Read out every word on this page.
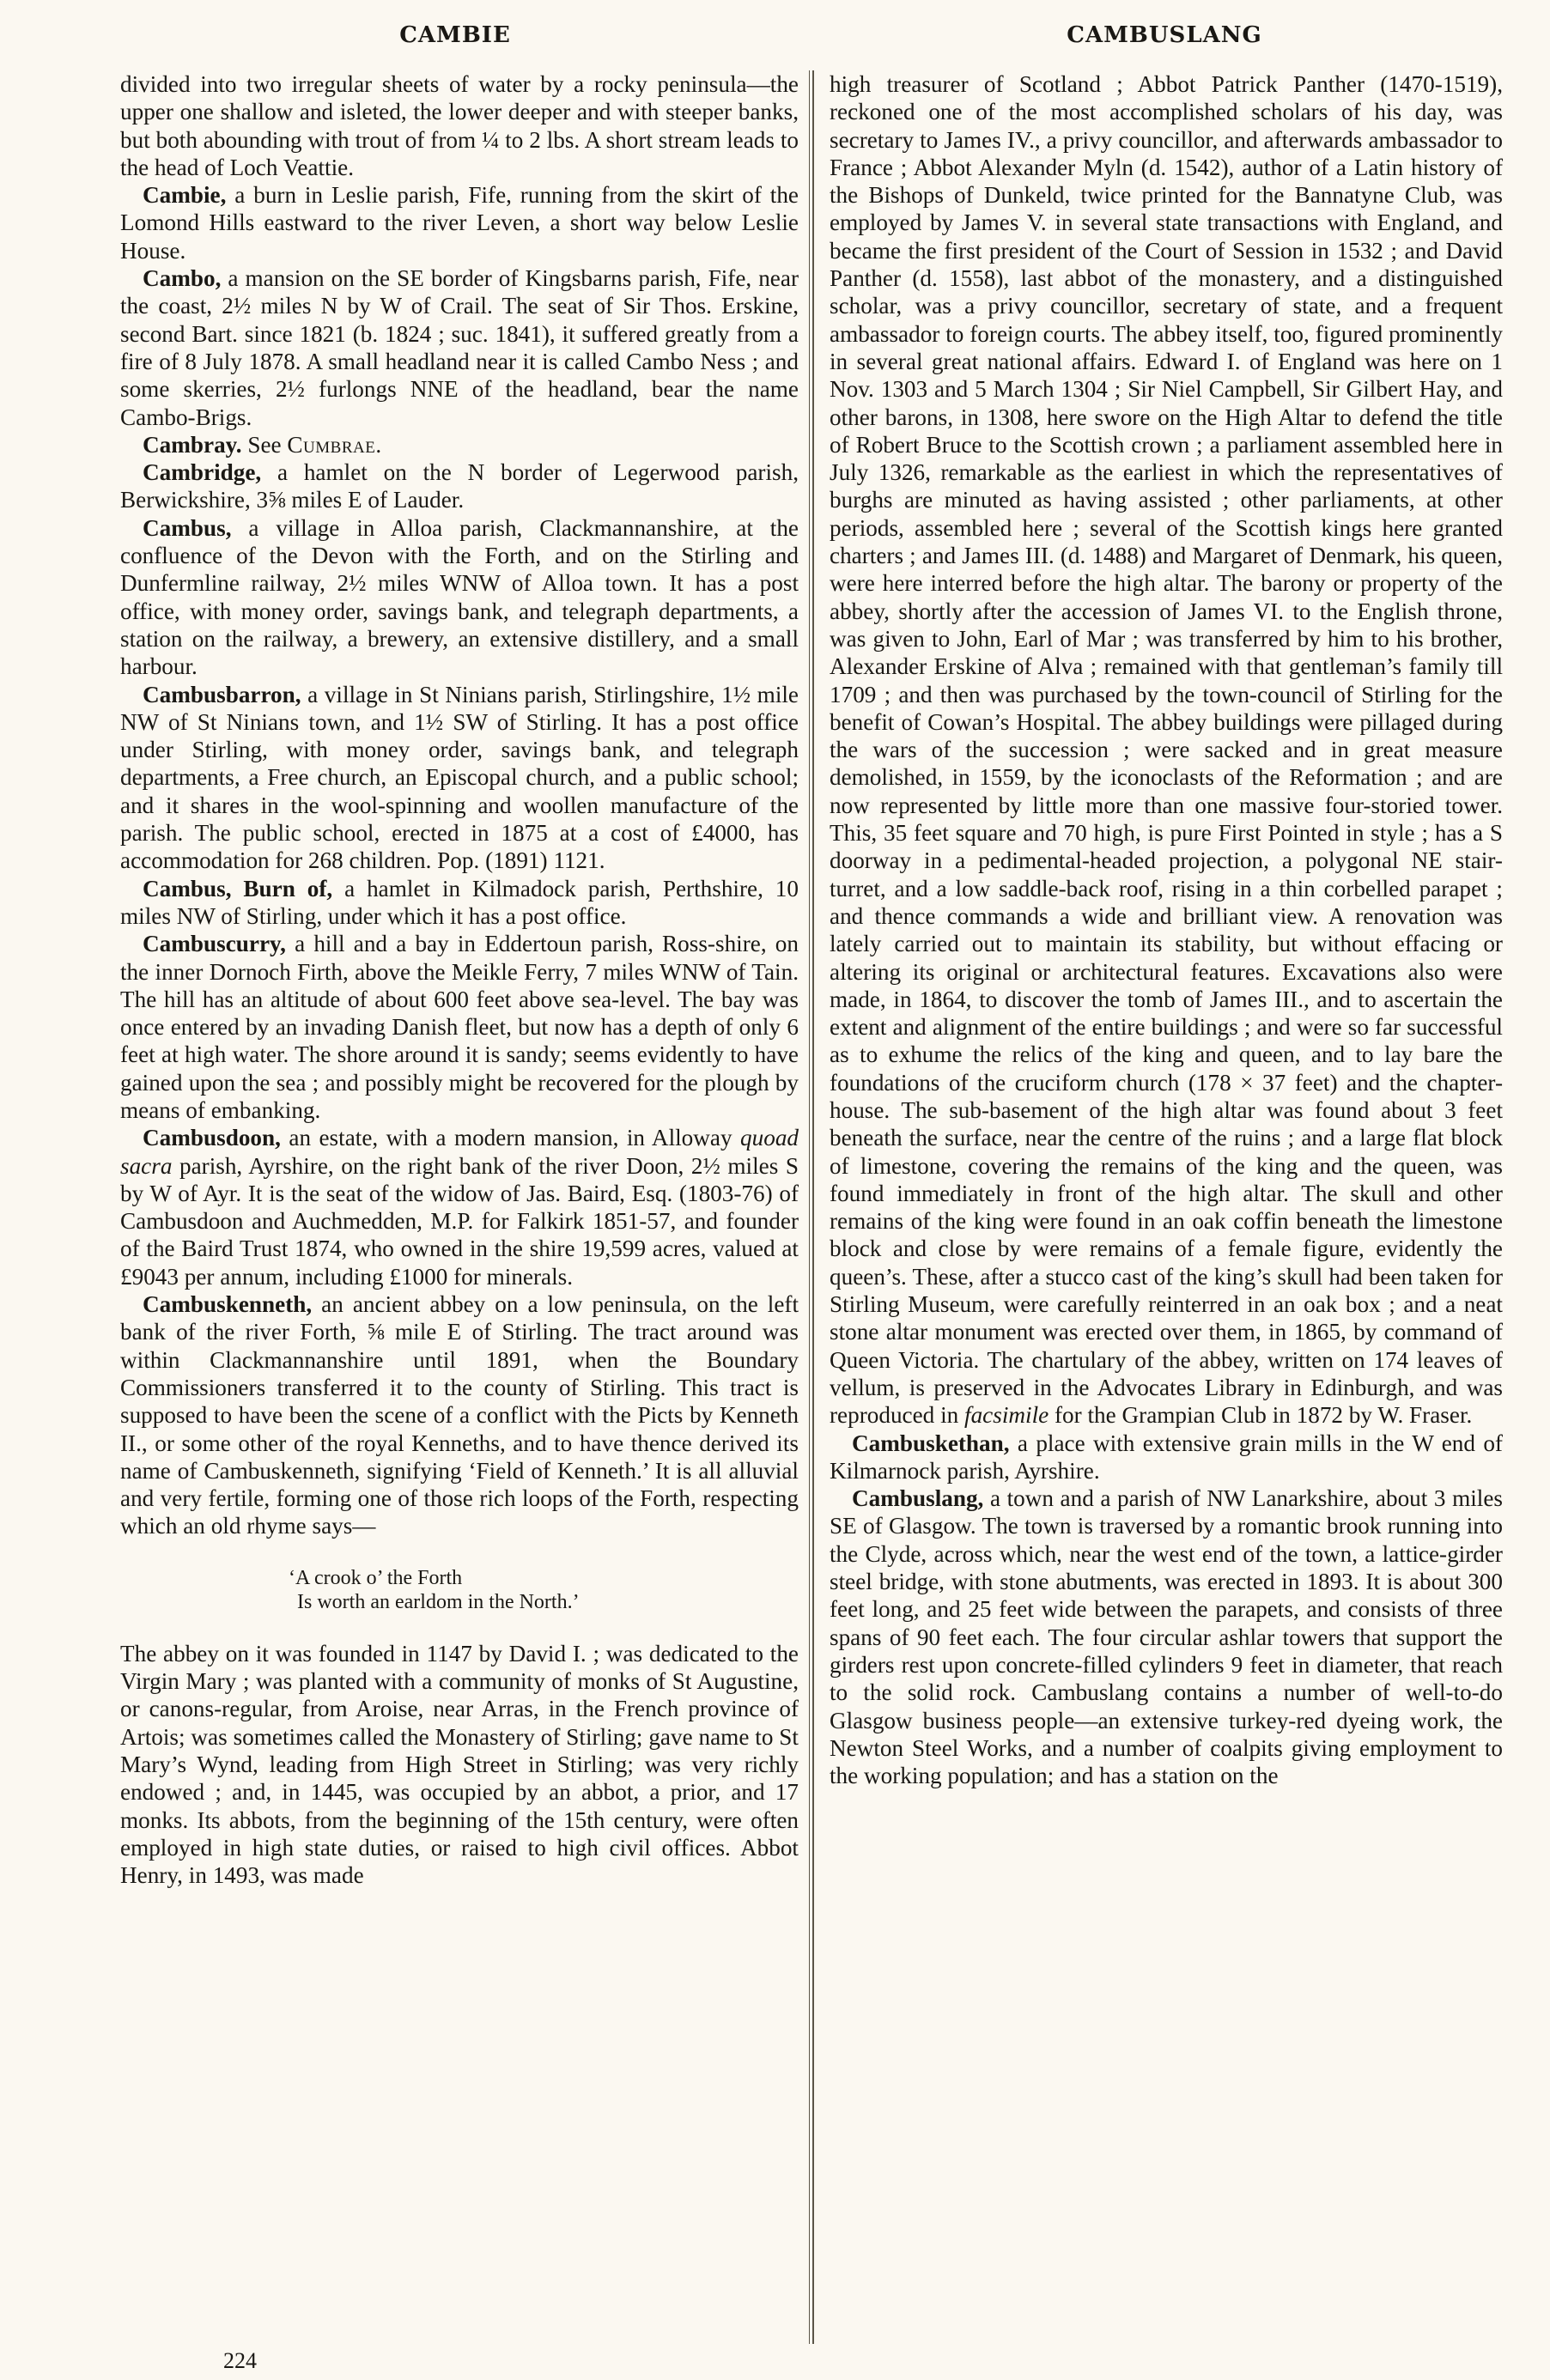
CAMBIE	CAMBUSLANG

divided into two irregular sheets of water by a rocky peninsula—the upper one shallow and isleted, the lower deeper and with steeper banks, but both abounding with trout of from ¼ to 2 lbs. A short stream leads to the head of Loch Veattie.

Cambie, a burn in Leslie parish, Fife, running from the skirt of the Lomond Hills eastward to the river Leven, a short way below Leslie House.

Cambo, a mansion on the SE border of Kingsbarns parish, Fife, near the coast, 2½ miles N by W of Crail. The seat of Sir Thos. Erskine, second Bart. since 1821 (b. 1824 ; suc. 1841), it suffered greatly from a fire of 8 July 1878. A small headland near it is called Cambo Ness ; and some skerries, 2½ furlongs NNE of the headland, bear the name Cambo-Brigs.

Cambray. See Cumbrae.

Cambridge, a hamlet on the N border of Legerwood parish, Berwickshire, 3⅝ miles E of Lauder.

Cambus, a village in Alloa parish, Clackmannanshire, at the confluence of the Devon with the Forth, and on the Stirling and Dunfermline railway, 2½ miles WNW of Alloa town. It has a post office, with money order, savings bank, and telegraph departments, a station on the railway, a brewery, an extensive distillery, and a small harbour.

Cambusbarron, a village in St Ninians parish, Stirlingshire, 1½ mile NW of St Ninians town, and 1½ SW of Stirling. It has a post office under Stirling, with money order, savings bank, and telegraph departments, a Free church, an Episcopal church, and a public school; and it shares in the wool-spinning and woollen manufacture of the parish. The public school, erected in 1875 at a cost of £4000, has accommodation for 268 children. Pop. (1891) 1121.

Cambus, Burn of, a hamlet in Kilmadock parish, Perthshire, 10 miles NW of Stirling, under which it has a post office.

Cambuscurry, a hill and a bay in Eddertoun parish, Ross-shire, on the inner Dornoch Firth, above the Meikle Ferry, 7 miles WNW of Tain. The hill has an altitude of about 600 feet above sea-level. The bay was once entered by an invading Danish fleet, but now has a depth of only 6 feet at high water. The shore around it is sandy; seems evidently to have gained upon the sea ; and possibly might be recovered for the plough by means of embanking.

Cambusdoon, an estate, with a modern mansion, in Alloway quoad sacra parish, Ayrshire, on the right bank of the river Doon, 2½ miles S by W of Ayr. It is the seat of the widow of Jas. Baird, Esq. (1803-76) of Cambusdoon and Auchmedden, M.P. for Falkirk 1851-57, and founder of the Baird Trust 1874, who owned in the shire 19,599 acres, valued at £9043 per annum, including £1000 for minerals.

Cambuskenneth, an ancient abbey on a low peninsula, on the left bank of the river Forth, ⅝ mile E of Stirling. The tract around was within Clackmannanshire until 1891, when the Boundary Commissioners transferred it to the county of Stirling. This tract is supposed to have been the scene of a conflict with the Picts by Kenneth II., or some other of the royal Kenneths, and to have thence derived its name of Cambuskenneth, signifying ‘Field of Kenneth.’ It is all alluvial and very fertile, forming one of those rich loops of the Forth, respecting which an old rhyme says—

‘A crook o’ the Forth
Is worth an earldom in the North.’

The abbey on it was founded in 1147 by David I. ; was dedicated to the Virgin Mary ; was planted with a community of monks of St Augustine, or canons-regular, from Aroise, near Arras, in the French province of Artois; was sometimes called the Monastery of Stirling; gave name to St Mary’s Wynd, leading from High Street in Stirling; was very richly endowed ; and, in 1445, was occupied by an abbot, a prior, and 17 monks. Its abbots, from the beginning of the 15th century, were often employed in high state duties, or raised to high civil offices. Abbot Henry, in 1493, was made

high treasurer of Scotland ; Abbot Patrick Panther (1470-1519), reckoned one of the most accomplished scholars of his day, was secretary to James IV., a privy councillor, and afterwards ambassador to France ; Abbot Alexander Myln (d. 1542), author of a Latin history of the Bishops of Dunkeld, twice printed for the Bannatyne Club, was employed by James V. in several state transactions with England, and became the first president of the Court of Session in 1532 ; and David Panther (d. 1558), last abbot of the monastery, and a distinguished scholar, was a privy councillor, secretary of state, and a frequent ambassador to foreign courts. The abbey itself, too, figured prominently in several great national affairs. Edward I. of England was here on 1 Nov. 1303 and 5 March 1304 ; Sir Niel Campbell, Sir Gilbert Hay, and other barons, in 1308, here swore on the High Altar to defend the title of Robert Bruce to the Scottish crown ; a parliament assembled here in July 1326, remarkable as the earliest in which the representatives of burghs are minuted as having assisted ; other parliaments, at other periods, assembled here ; several of the Scottish kings here granted charters ; and James III. (d. 1488) and Margaret of Denmark, his queen, were here interred before the high altar. The barony or property of the abbey, shortly after the accession of James VI. to the English throne, was given to John, Earl of Mar ; was transferred by him to his brother, Alexander Erskine of Alva ; remained with that gentleman’s family till 1709 ; and then was purchased by the town-council of Stirling for the benefit of Cowan’s Hospital. The abbey buildings were pillaged during the wars of the succession ; were sacked and in great measure demolished, in 1559, by the iconoclasts of the Reformation ; and are now represented by little more than one massive four-storied tower. This, 35 feet square and 70 high, is pure First Pointed in style ; has a S doorway in a pedimental-headed projection, a polygonal NE stair-turret, and a low saddle-back roof, rising in a thin corbelled parapet ; and thence commands a wide and brilliant view. A renovation was lately carried out to maintain its stability, but without effacing or altering its original or architectural features. Excavations also were made, in 1864, to discover the tomb of James III., and to ascertain the extent and alignment of the entire buildings ; and were so far successful as to exhume the relics of the king and queen, and to lay bare the foundations of the cruciform church (178 × 37 feet) and the chapter-house. The sub-basement of the high altar was found about 3 feet beneath the surface, near the centre of the ruins ; and a large flat block of limestone, covering the remains of the king and the queen, was found immediately in front of the high altar. The skull and other remains of the king were found in an oak coffin beneath the limestone block and close by were remains of a female figure, evidently the queen’s. These, after a stucco cast of the king’s skull had been taken for Stirling Museum, were carefully reinterred in an oak box ; and a neat stone altar monument was erected over them, in 1865, by command of Queen Victoria. The chartulary of the abbey, written on 174 leaves of vellum, is preserved in the Advocates Library in Edinburgh, and was reproduced in facsimile for the Grampian Club in 1872 by W. Fraser.

Cambuskethan, a place with extensive grain mills in the W end of Kilmarnock parish, Ayrshire.

Cambuslang, a town and a parish of NW Lanarkshire, about 3 miles SE of Glasgow. The town is traversed by a romantic brook running into the Clyde, across which, near the west end of the town, a lattice-girder steel bridge, with stone abutments, was erected in 1893. It is about 300 feet long, and 25 feet wide between the parapets, and consists of three spans of 90 feet each. The four circular ashlar towers that support the girders rest upon concrete-filled cylinders 9 feet in diameter, that reach to the solid rock. Cambuslang contains a number of well-to-do Glasgow business people—an extensive turkey-red dyeing work, the Newton Steel Works, and a number of coalpits giving employment to the working population; and has a station on the

224
